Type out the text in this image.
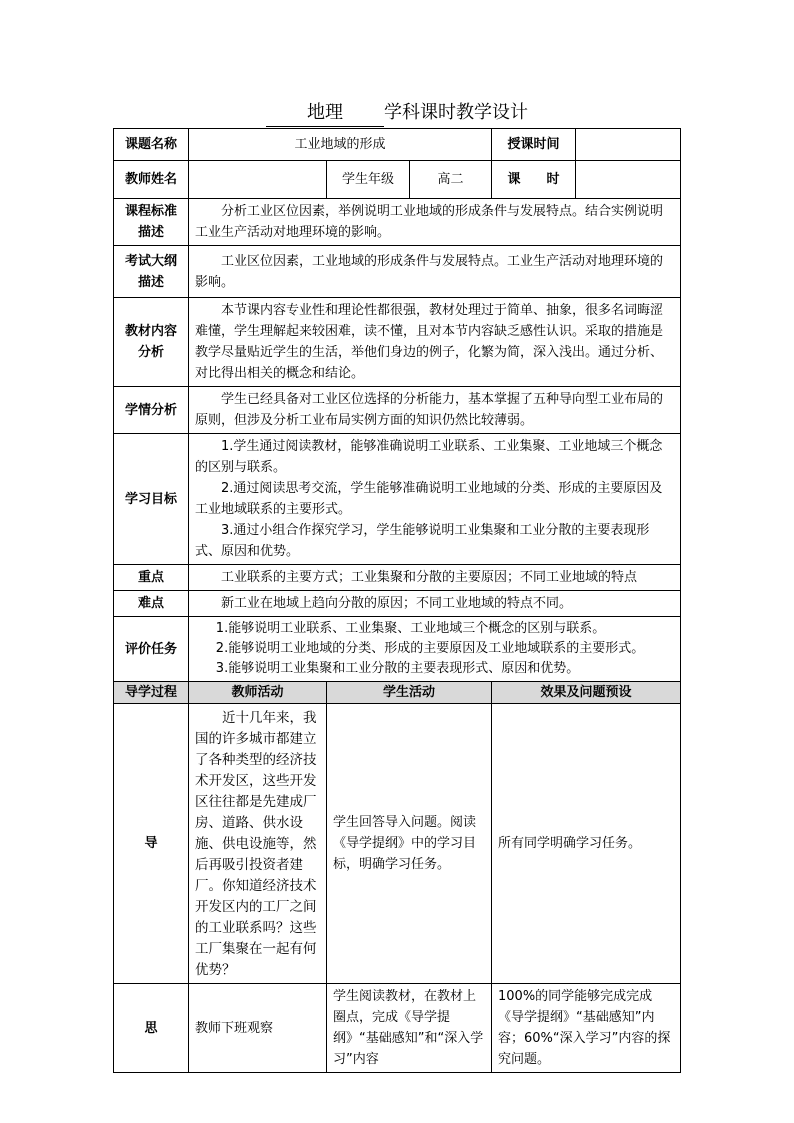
地理 学科课时教学设计
课题名称	工业地域的形成			授课时间	
教师姓名		学生年级	高二	课　　时	
课程标准描述	分析工业区位因素，举例说明工业地域的形成条件与发展特点。结合实例说明工业生产活动对地理环境的影响。				
考试大纲描述	工业区位因素，工业地域的形成条件与发展特点。工业生产活动对地理环境的影响。				
教材内容分析	本节课内容专业性和理论性都很强，教材处理过于简单、抽象，很多名词晦涩难懂，学生理解起来较困难，读不懂，且对本节内容缺乏感性认识。采取的措施是教学尽量贴近学生的生活，举他们身边的例子，化繁为简，深入浅出。通过分析、对比得出相关的概念和结论。				
学情分析	学生已经具备对工业区位选择的分析能力，基本掌握了五种导向型工业布局的原则，但涉及分析工业布局实例方面的知识仍然比较薄弱。				
学习目标	1.学生通过阅读教材，能够准确说明工业联系、工业集聚、工业地域三个概念的区别与联系。
2.通过阅读思考交流，学生能够准确说明工业地域的分类、形成的主要原因及工业地域联系的主要形式。
3.通过小组合作探究学习，学生能够说明工业集聚和工业分散的主要表现形式、原因和优势。				

重点	工业联系的主要方式；工业集聚和分散的主要原因；不同工业地域的特点				
难点	新工业在地域上趋向分散的原因；不同工业地域的特点不同。				
评价任务	1.能够说明工业联系、工业集聚、工业地域三个概念的区别与联系。
2.能够说明工业地域的分类、形成的主要原因及工业地域联系的主要形式。
3.能够说明工业集聚和工业分散的主要表现形式、原因和优势。				

导学过程	教师活动	学生活动		效果及问题预设	
导	近十几年来，我国的许多城市都建立了各种类型的经济技术开发区，这些开发区往往都是先建成厂房、道路、供水设施、供电设施等，然后再吸引投资者建厂。你知道经济技术开发区内的工厂之间的工业联系吗？这些工厂集聚在一起有何优势？	学生回答导入问题。阅读《导学提纲》中的学习目标，明确学习任务。		所有同学明确学习任务。	
思	教师下班观察	学生阅读教材，在教材上圈点，完成《导学提纲》“基础感知”和“深入学习”内容		100%的同学能够完成完成《导学提纲》“基础感知”内容；60%“深入学习”内容的探究问题。	
